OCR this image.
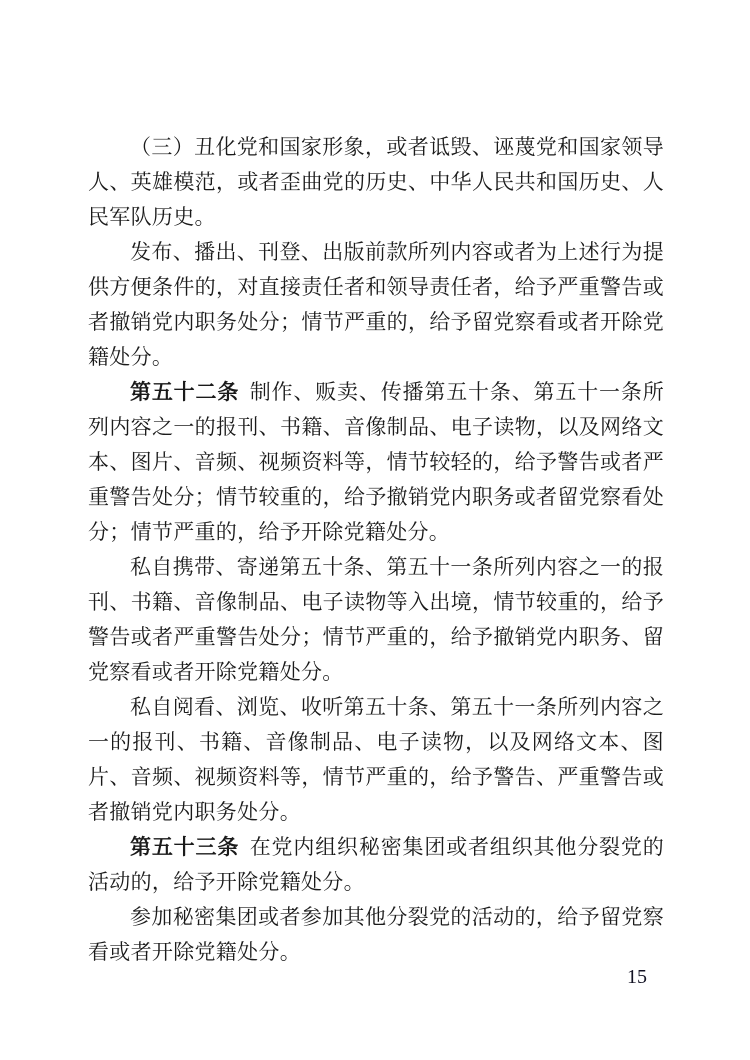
（三）丑化党和国家形象，或者诋毁、诬蔑党和国家领导人、英雄模范，或者歪曲党的历史、中华人民共和国历史、人民军队历史。

发布、播出、刊登、出版前款所列内容或者为上述行为提供方便条件的，对直接责任者和领导责任者，给予严重警告或者撤销党内职务处分；情节严重的，给予留党察看或者开除党籍处分。

第五十二条 制作、贩卖、传播第五十条、第五十一条所列内容之一的报刊、书籍、音像制品、电子读物，以及网络文本、图片、音频、视频资料等，情节较轻的，给予警告或者严重警告处分；情节较重的，给予撤销党内职务或者留党察看处分；情节严重的，给予开除党籍处分。

私自携带、寄递第五十条、第五十一条所列内容之一的报刊、书籍、音像制品、电子读物等入出境，情节较重的，给予警告或者严重警告处分；情节严重的，给予撤销党内职务、留党察看或者开除党籍处分。

私自阅看、浏览、收听第五十条、第五十一条所列内容之一的报刊、书籍、音像制品、电子读物，以及网络文本、图片、音频、视频资料等，情节严重的，给予警告、严重警告或者撤销党内职务处分。

第五十三条 在党内组织秘密集团或者组织其他分裂党的活动的，给予开除党籍处分。

参加秘密集团或者参加其他分裂党的活动的，给予留党察看或者开除党籍处分。

15
